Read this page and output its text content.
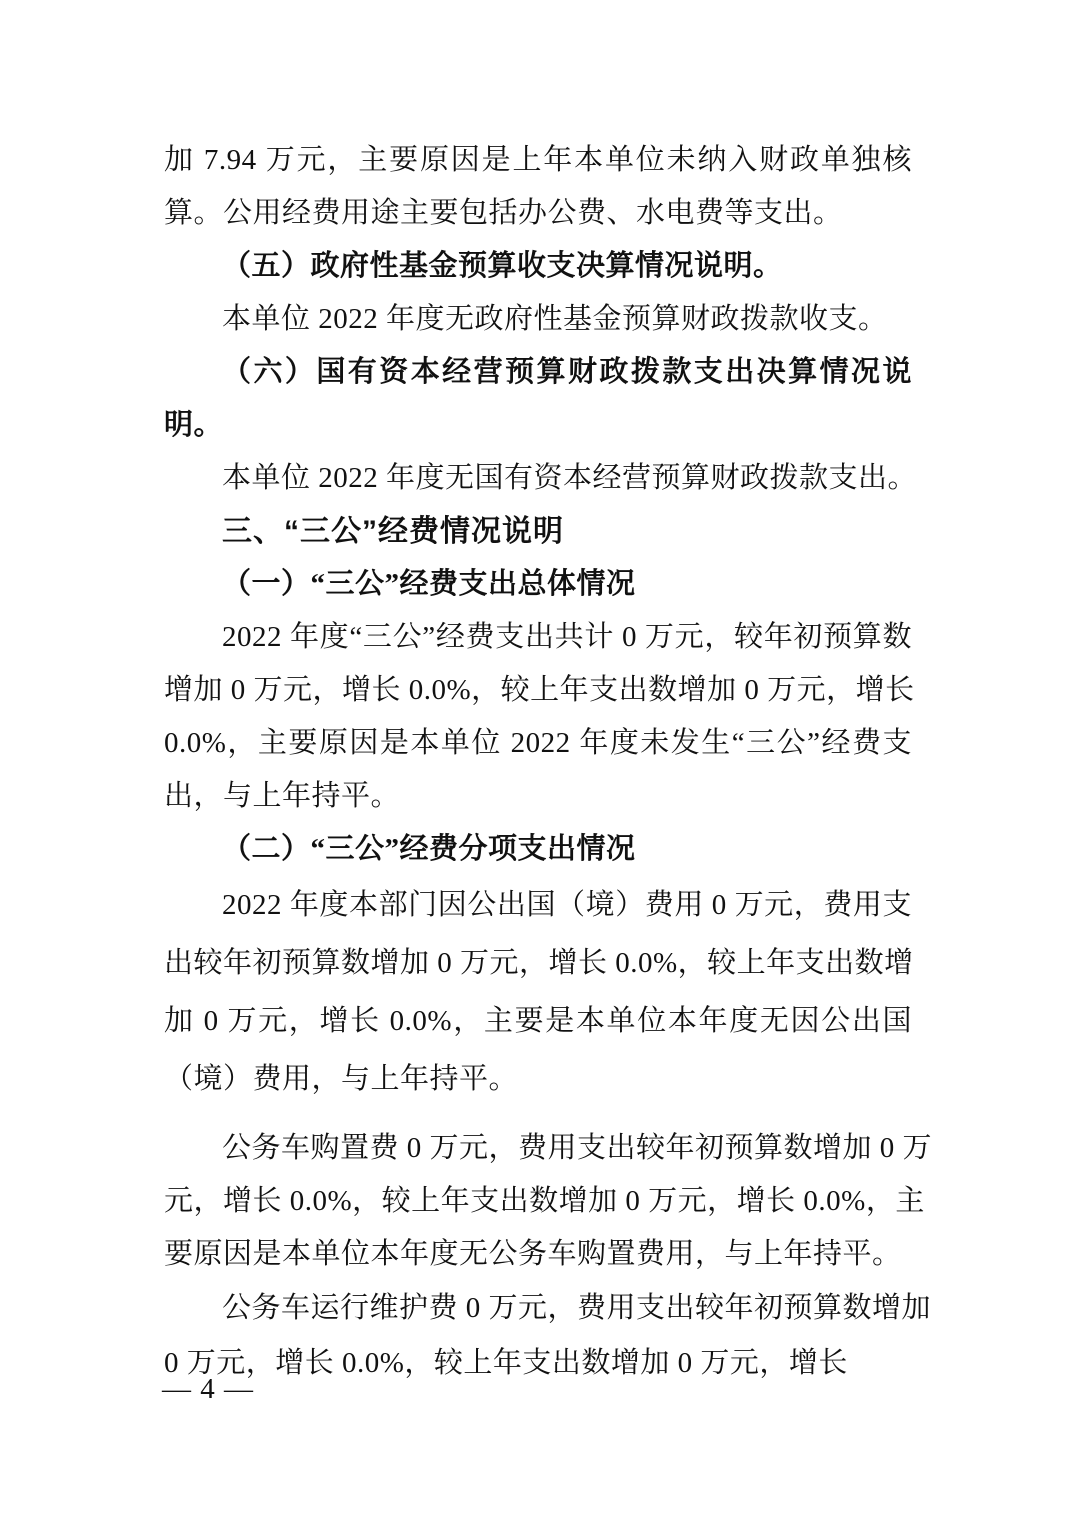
加 7.94 万元，主要原因是上年本单位未纳入财政单独核
算。公用经费用途主要包括办公费、水电费等支出。
（五）政府性基金预算收支决算情况说明。
本单位 2022 年度无政府性基金预算财政拨款收支。
（六）国有资本经营预算财政拨款支出决算情况说
明。
本单位 2022 年度无国有资本经营预算财政拨款支出。
三、“三公”经费情况说明
（一）“三公”经费支出总体情况
2022 年度“三公”经费支出共计 0 万元，较年初预算数
增加 0 万元，增长 0.0%，较上年支出数增加 0 万元，增长
0.0%，主要原因是本单位 2022 年度未发生“三公”经费支
出，与上年持平。
（二）“三公”经费分项支出情况
2022 年度本部门因公出国（境）费用 0 万元，费用支
出较年初预算数增加 0 万元，增长 0.0%，较上年支出数增
加 0 万元，增长 0.0%，主要是本单位本年度无因公出国
（境）费用，与上年持平。
公务车购置费 0 万元，费用支出较年初预算数增加 0 万
元，增长 0.0%，较上年支出数增加 0 万元，增长 0.0%，主
要原因是本单位本年度无公务车购置费用，与上年持平。
公务车运行维护费 0 万元，费用支出较年初预算数增加
0 万元，增长 0.0%，较上年支出数增加 0 万元，增长
— 4 —
